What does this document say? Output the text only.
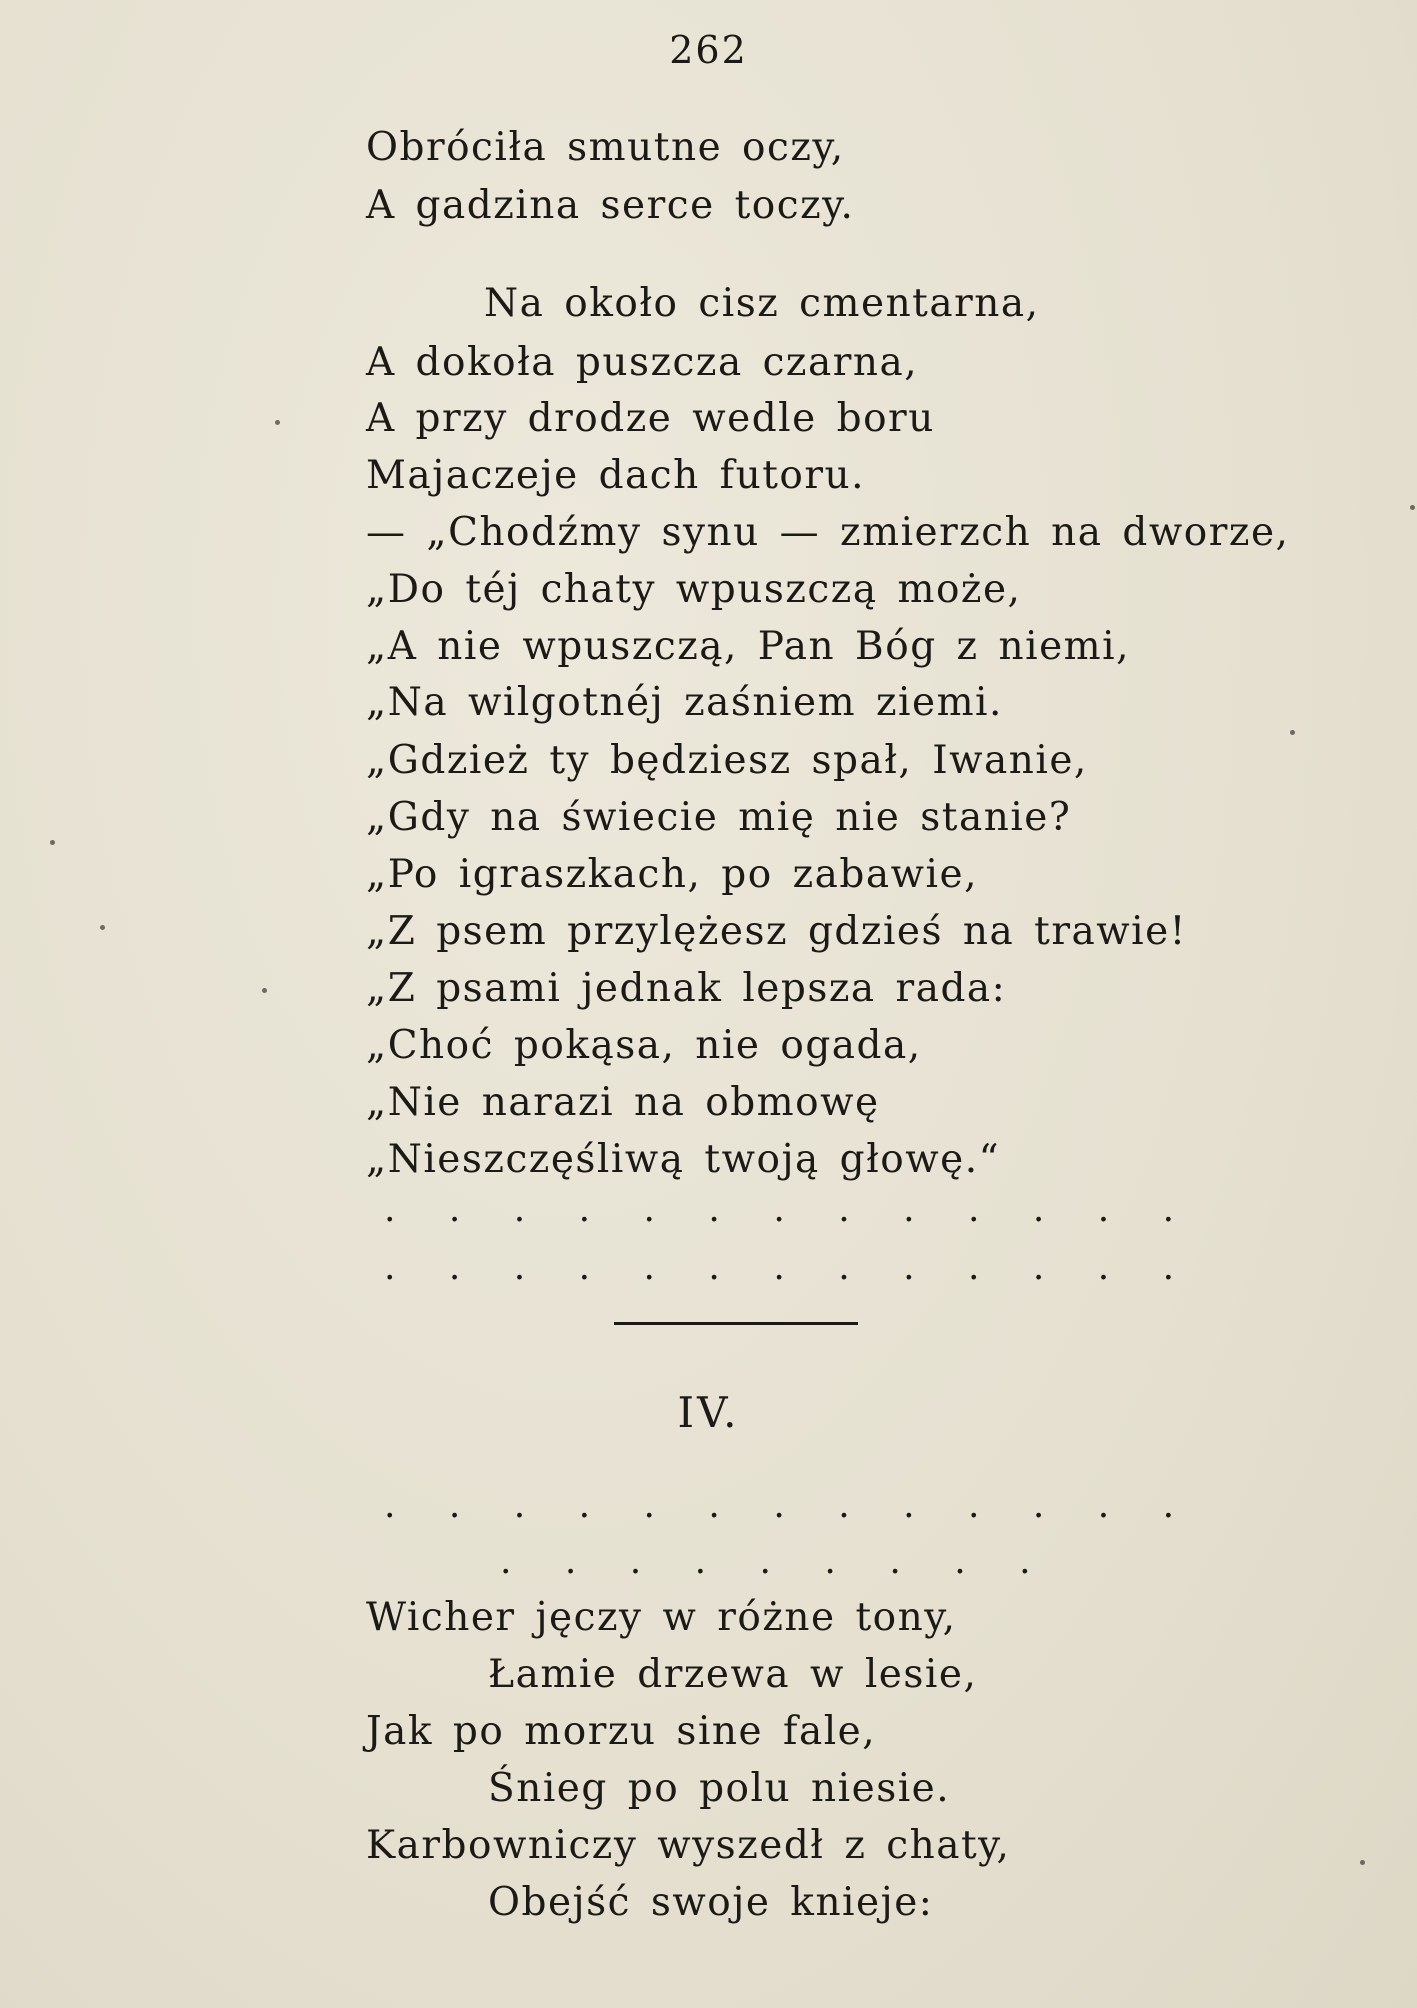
262
Obróciła smutne oczy,
A gadzina serce toczy.
Na około cisz cmentarna,
A dokoła puszcza czarna,
A przy drodze wedle boru
Majaczeje dach futoru.
— „Chodźmy synu — zmierzch na dworze,
„Do téj chaty wpuszczą może,
„A nie wpuszczą, Pan Bóg z niemi,
„Na wilgotnéj zaśniem ziemi.
„Gdzież ty będziesz spał, Iwanie,
„Gdy na świecie mię nie stanie?
„Po igraszkach, po zabawie,
„Z psem przylężesz gdzieś na trawie!
„Z psami jednak lepsza rada:
„Choć pokąsa, nie ogada,
„Nie narazi na obmowę
„Nieszczęśliwą twoją głowę.“
. . . . . . . . . . . . .
. . . . . . . . . . . . .
IV.
. . . . . . . . . . . . .
. . . . . . . . .
Wicher jęczy w różne tony,
Łamie drzewa w lesie,
Jak po morzu sine fale,
Śnieg po polu niesie.
Karbowniczy wyszedł z chaty,
Obejść swoje knieje:
